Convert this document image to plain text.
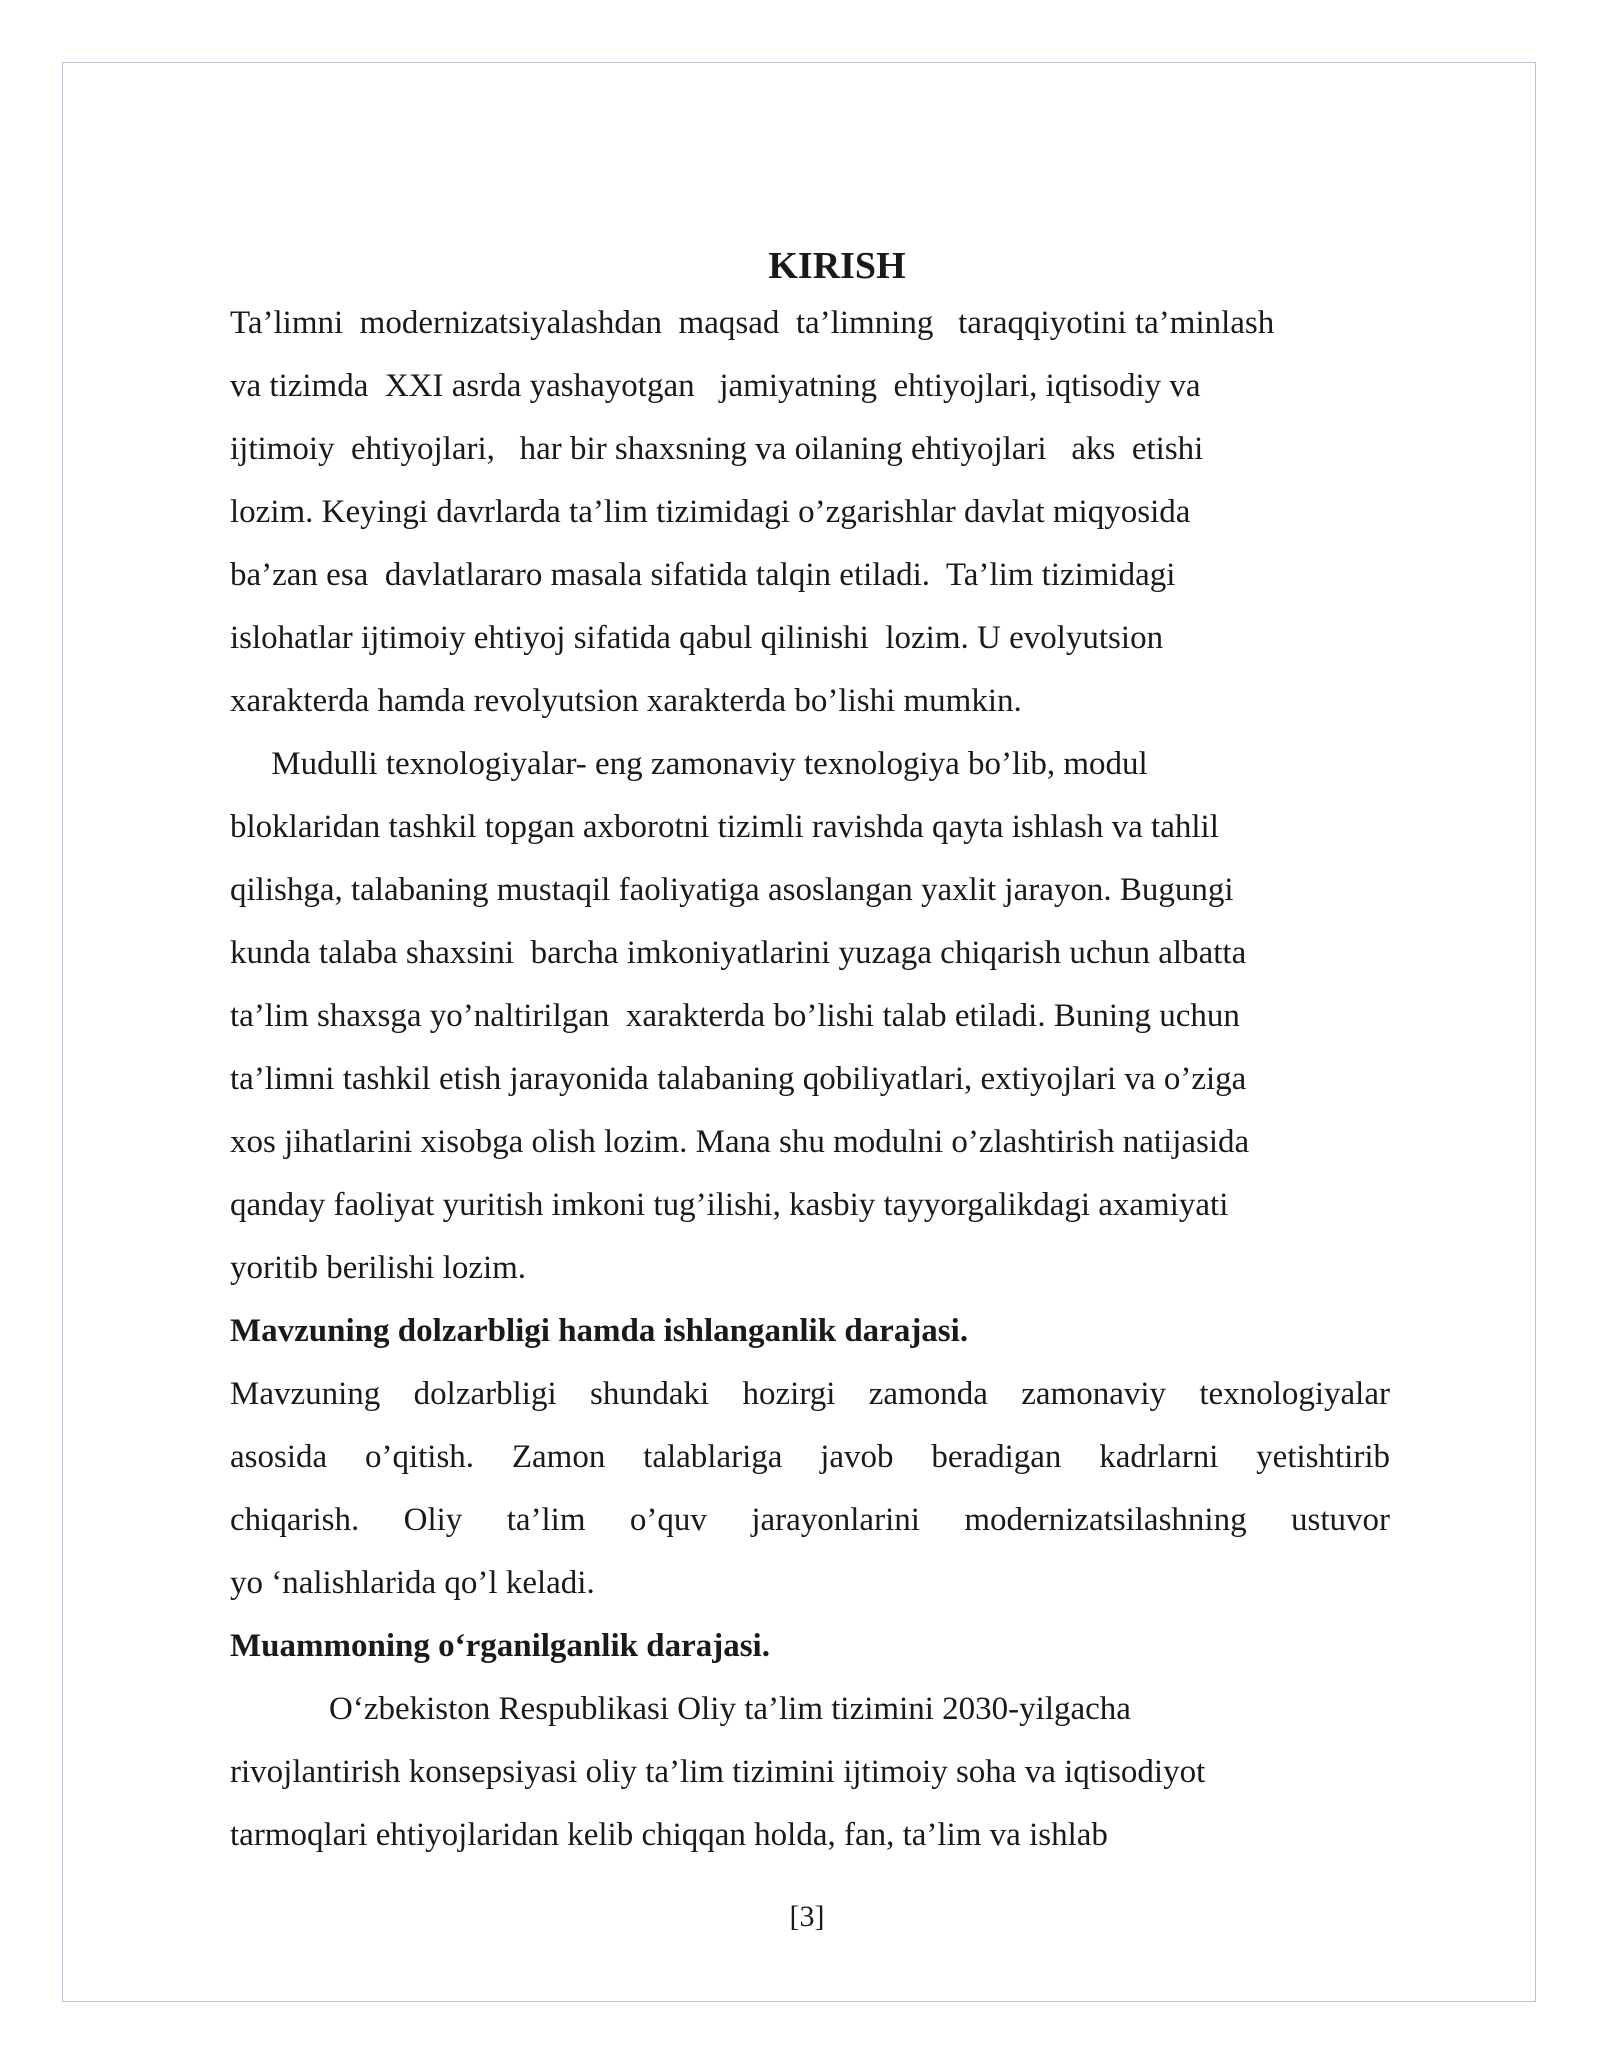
KIRISH
Ta’limni  modernizatsiyalashdan  maqsad  ta’limning   taraqqiyotini ta’minlash
va tizimda  XXI asrda yashayotgan   jamiyatning  ehtiyojlari, iqtisodiy va
ijtimoiy  ehtiyojlari,   har bir shaxsning va oilaning ehtiyojlari   aks  etishi
lozim. Keyingi davrlarda ta’lim tizimidagi o’zgarishlar davlat miqyosida
ba’zan esa  davlatlararo masala sifatida talqin etiladi.  Ta’lim tizimidagi
islohatlar ijtimoiy ehtiyoj sifatida qabul qilinishi  lozim. U evolyutsion
xarakterda hamda revolyutsion xarakterda bo’lishi mumkin.
Mudulli texnologiyalar- eng zamonaviy texnologiya bo’lib, modul
bloklaridan tashkil topgan axborotni tizimli ravishda qayta ishlash va tahlil
qilishga, talabaning mustaqil faoliyatiga asoslangan yaxlit jarayon. Bugungi
kunda talaba shaxsini  barcha imkoniyatlarini yuzaga chiqarish uchun albatta
ta’lim shaxsga yo’naltirilgan  xarakterda bo’lishi talab etiladi. Buning uchun
ta’limni tashkil etish jarayonida talabaning qobiliyatlari, extiyojlari va o’ziga
xos jihatlarini xisobga olish lozim. Mana shu modulni o’zlashtirish natijasida
qanday faoliyat yuritish imkoni tug’ilishi, kasbiy tayyorgalikdagi axamiyati
yoritib berilishi lozim.
Mavzuning dolzarbligi hamda ishlanganlik darajasi.
Mavzuning dolzarbligi shundaki hozirgi zamonda zamonaviy texnologiyalar
asosida o’qitish. Zamon talablariga javob beradigan kadrlarni yetishtirib
chiqarish. Oliy ta’lim o’quv jarayonlarini modernizatsilashning ustuvor
yo ‘nalishlarida qo’l keladi.
Muammoning oʻrganilganlik darajasi.
Oʻzbekiston Respublikasi Oliy ta’lim tizimini 2030-yilgacha
rivojlantirish konsepsiyasi oliy ta’lim tizimini ijtimoiy soha va iqtisodiyot
tarmoqlari ehtiyojlaridan kelib chiqqan holda, fan, ta’lim va ishlab
[3]
